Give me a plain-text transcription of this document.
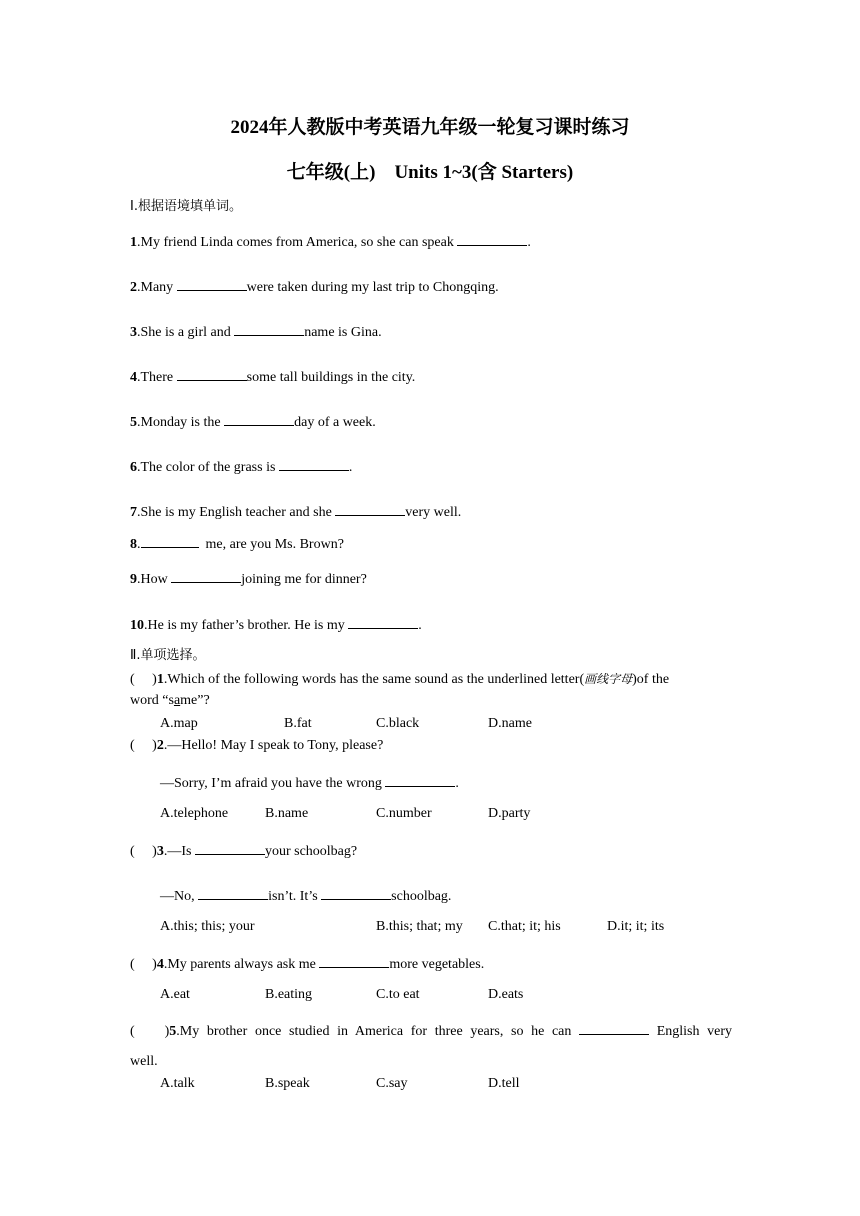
2024年人教版中考英语九年级一轮复习课时练习
七年级(上)　Units 1~3(含 Starters)
Ⅰ.根据语境填单词。
1.My friend Linda comes from America, so she can speak	.
2.Many	were taken during my last trip to Chongqing.
3.She is a girl and	name is Gina.
4.There	some tall buildings in the city.
5.Monday is the	day of a week.
6.The color of the grass is	.
7.She is my English teacher and she	very well.
8.	me, are you Ms. Brown?
9.How	joining me for dinner?
10.He is my father’s brother. He is my	.
Ⅱ.单项选择。
(　 )1.Which of the following words has the same sound as the underlined letter(画线字母)of the
word “same”?
A.map	B.fat	C.black	D.name
(　 )2.—Hello! May I speak to Tony, please?
—Sorry, I’m afraid you have the wrong	.
A.telephone	B.name	C.number	D.party
(　 )3.—Is	your schoolbag?
—No,	isn’t. It’s	schoolbag.
A.this; this; your	B.this; that; my C.that; it; his	D.it; it; its
(　 )4.My parents always ask me	more vegetables.
A.eat	B.eating	C.to eat	D.eats
(　 )5.My brother once studied in America for three years, so he can	English very
well.
A.talk	B.speak	C.say	D.tell
